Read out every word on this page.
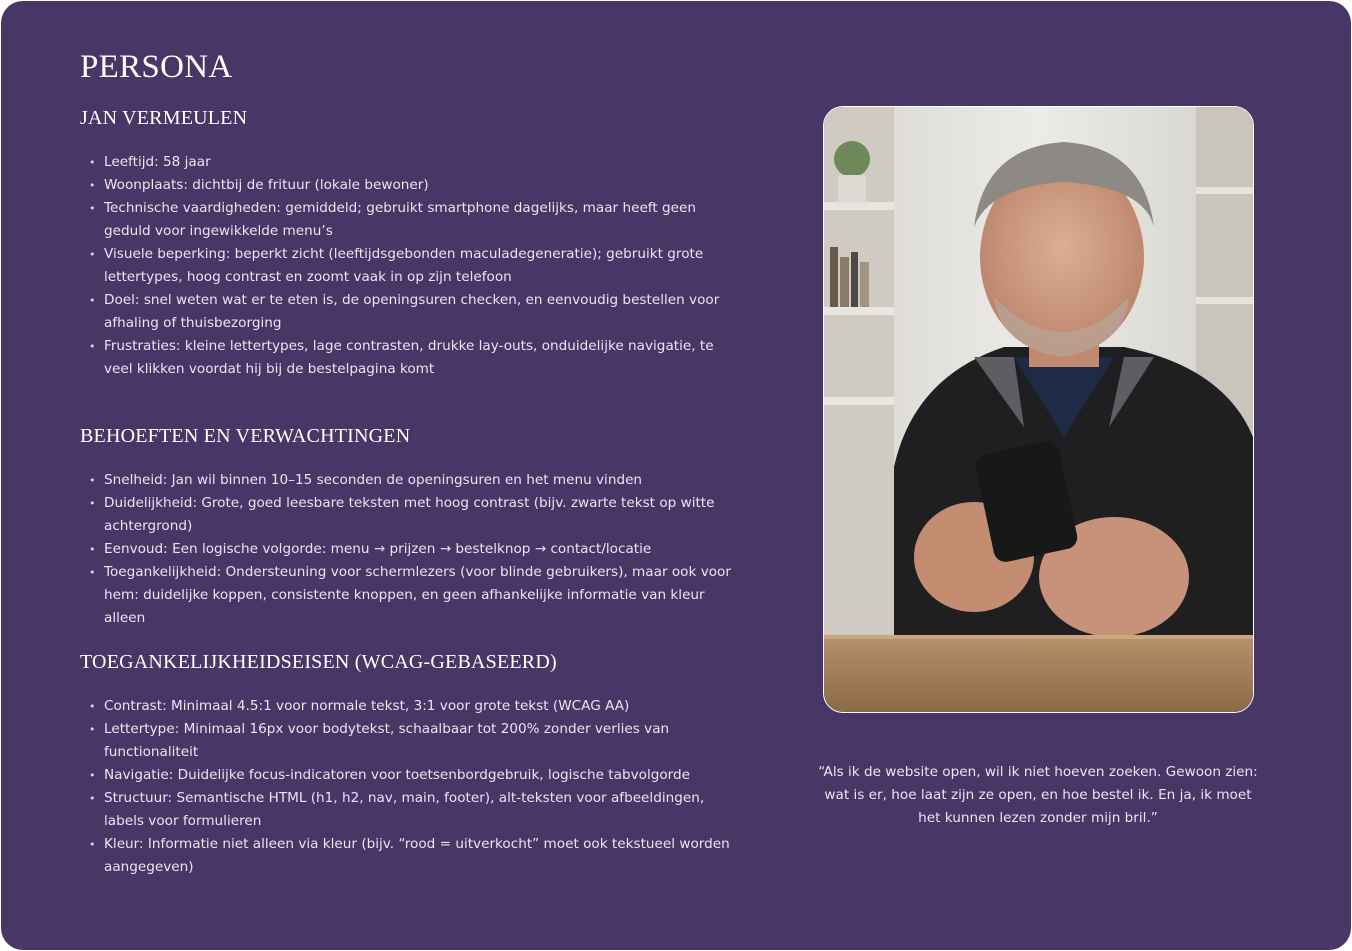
PERSONA
JAN VERMEULEN
• Leeftijd: 58 jaar
• Woonplaats: dichtbij de frituur (lokale bewoner)
• Technische vaardigheden: gemiddeld; gebruikt smartphone dagelijks, maar heeft geen geduld voor ingewikkelde menu’s
• Visuele beperking: beperkt zicht (leeftijdsgebonden maculadegeneratie); gebruikt grote lettertypes, hoog contrast en zoomt vaak in op zijn telefoon
• Doel: snel weten wat er te eten is, de openingsuren checken, en eenvoudig bestellen voor afhaling of thuisbezorging
• Frustraties: kleine lettertypes, lage contrasten, drukke lay-outs, onduidelijke navigatie, te veel klikken voordat hij bij de bestelpagina komt
BEHOEFTEN EN VERWACHTINGEN
• Snelheid: Jan wil binnen 10–15 seconden de openingsuren en het menu vinden
• Duidelijkheid: Grote, goed leesbare teksten met hoog contrast (bijv. zwarte tekst op witte achtergrond)
• Eenvoud: Een logische volgorde: menu → prijzen → bestelknop → contact/locatie
• Toegankelijkheid: Ondersteuning voor schermlezers (voor blinde gebruikers), maar ook voor hem: duidelijke koppen, consistente knoppen, en geen afhankelijke informatie van kleur alleen
TOEGANKELIJKHEIDSEISEN (WCAG-GEBASEERD)
• Contrast: Minimaal 4.5:1 voor normale tekst, 3:1 voor grote tekst (WCAG AA)
• Lettertype: Minimaal 16px voor bodytekst, schaalbaar tot 200% zonder verlies van functionaliteit
• Navigatie: Duidelijke focus-indicatoren voor toetsenbordgebruik, logische tabvolgorde
• Structuur: Semantische HTML (h1, h2, nav, main, footer), alt-teksten voor afbeeldingen, labels voor formulieren
• Kleur: Informatie niet alleen via kleur (bijv. “rood = uitverkocht” moet ook tekstueel worden aangegeven)

“Als ik de website open, wil ik niet hoeven zoeken. Gewoon zien: wat is er, hoe laat zijn ze open, en hoe bestel ik. En ja, ik moet het kunnen lezen zonder mijn bril.”
